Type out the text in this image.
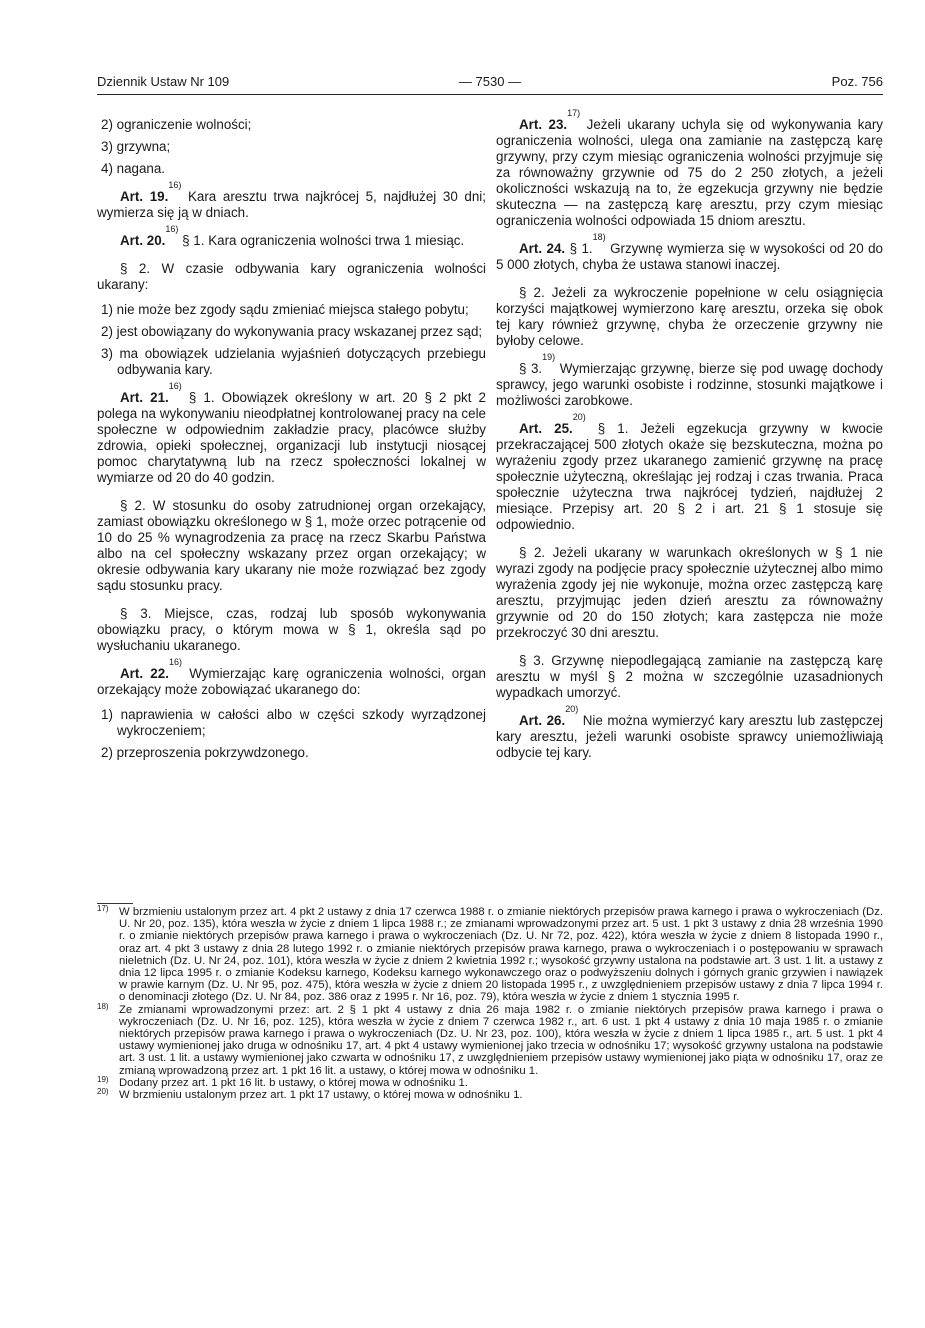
Dziennik Ustaw Nr 109	— 7530 —	Poz. 756

2) ograniczenie wolności;

3) grzywna;

4) nagana.

Art. 19.$^{16)}$ Kara aresztu trwa najkrócej 5, najdłużej 30 dni; wymierza się ją w dniach.

Art. 20.$^{16)}$ § 1. Kara ograniczenia wolności trwa 1 miesiąc.

§ 2. W czasie odbywania kary ograniczenia wolności ukarany:

1) nie może bez zgody sądu zmieniać miejsca stałego pobytu;

2) jest obowiązany do wykonywania pracy wskazanej przez sąd;

3) ma obowiązek udzielania wyjaśnień dotyczących przebiegu odbywania kary.

Art. 21.$^{16)}$ § 1. Obowiązek określony w art. 20 § 2 pkt 2 polega na wykonywaniu nieodpłatnej kontrolowanej pracy na cele społeczne w odpowiednim zakładzie pracy, placówce służby zdrowia, opieki społecznej, organizacji lub instytucji niosącej pomoc charytatywną lub na rzecz społeczności lokalnej w wymiarze od 20 do 40 godzin.

§ 2. W stosunku do osoby zatrudnionej organ orzekający, zamiast obowiązku określonego w § 1, może orzec potrącenie od 10 do 25 % wynagrodzenia za pracę na rzecz Skarbu Państwa albo na cel społeczny wskazany przez organ orzekający; w okresie odbywania kary ukarany nie może rozwiązać bez zgody sądu stosunku pracy.

§ 3. Miejsce, czas, rodzaj lub sposób wykonywania obowiązku pracy, o którym mowa w § 1, określa sąd po wysłuchaniu ukaranego.

Art. 22.$^{16)}$ Wymierzając karę ograniczenia wolności, organ orzekający może zobowiązać ukaranego do:

1) naprawienia w całości albo w części szkody wyrządzonej wykroczeniem;

2) przeproszenia pokrzywdzonego.

Art. 23.$^{17)}$ Jeżeli ukarany uchyla się od wykonywania kary ograniczenia wolności, ulega ona zamianie na zastępczą karę grzywny, przy czym miesiąc ograniczenia wolności przyjmuje się za równoważny grzywnie od 75 do 2 250 złotych, a jeżeli okoliczności wskazują na to, że egzekucja grzywny nie będzie skuteczna — na zastępczą karę aresztu, przy czym miesiąc ograniczenia wolności odpowiada 15 dniom aresztu.

Art. 24. § 1.$^{18)}$ Grzywnę wymierza się w wysokości od 20 do 5 000 złotych, chyba że ustawa stanowi inaczej.

§ 2. Jeżeli za wykroczenie popełnione w celu osiągnięcia korzyści majątkowej wymierzono karę aresztu, orzeka się obok tej kary również grzywnę, chyba że orzeczenie grzywny nie byłoby celowe.

§ 3.$^{19)}$ Wymierzając grzywnę, bierze się pod uwagę dochody sprawcy, jego warunki osobiste i rodzinne, stosunki majątkowe i możliwości zarobkowe.

Art. 25.$^{20)}$ § 1. Jeżeli egzekucja grzywny w kwocie przekraczającej 500 złotych okaże się bezskuteczna, można po wyrażeniu zgody przez ukaranego zamienić grzywnę na pracę społecznie użyteczną, określając jej rodzaj i czas trwania. Praca społecznie użyteczna trwa najkrócej tydzień, najdłużej 2 miesiące. Przepisy art. 20 § 2 i art. 21 § 1 stosuje się odpowiednio.

§ 2. Jeżeli ukarany w warunkach określonych w § 1 nie wyrazi zgody na podjęcie pracy społecznie użytecznej albo mimo wyrażenia zgody jej nie wykonuje, można orzec zastępczą karę aresztu, przyjmując jeden dzień aresztu za równoważny grzywnie od 20 do 150 złotych; kara zastępcza nie może przekroczyć 30 dni aresztu.

§ 3. Grzywnę niepodlegającą zamianie na zastępczą karę aresztu w myśl § 2 można w szczególnie uzasadnionych wypadkach umorzyć.

Art. 26.$^{20)}$ Nie można wymierzyć kary aresztu lub zastępczej kary aresztu, jeżeli warunki osobiste sprawcy uniemożliwiają odbycie tej kary.

17) W brzmieniu ustalonym przez art. 4 pkt 2 ustawy z dnia 17 czerwca 1988 r. o zmianie niektórych przepisów prawa karnego i prawa o wykroczeniach (Dz. U. Nr 20, poz. 135), która weszła w życie z dniem 1 lipca 1988 r.; ze zmianami wprowadzonymi przez art. 5 ust. 1 pkt 3 ustawy z dnia 28 września 1990 r. o zmianie niektórych przepisów prawa karnego i prawa o wykroczeniach (Dz. U. Nr 72, poz. 422), która weszła w życie z dniem 8 listopada 1990 r., oraz art. 4 pkt 3 ustawy z dnia 28 lutego 1992 r. o zmianie niektórych przepisów prawa karnego, prawa o wykroczeniach i o postępowaniu w sprawach nieletnich (Dz. U. Nr 24, poz. 101), która weszła w życie z dniem 2 kwietnia 1992 r.; wysokość grzywny ustalona na podstawie art. 3 ust. 1 lit. a ustawy z dnia 12 lipca 1995 r. o zmianie Kodeksu karnego, Kodeksu karnego wykonawczego oraz o podwyższeniu dolnych i górnych granic grzywien i nawiązek w prawie karnym (Dz. U. Nr 95, poz. 475), która weszła w życie z dniem 20 listopada 1995 r., z uwzględnieniem przepisów ustawy z dnia 7 lipca 1994 r. o denominacji złotego (Dz. U. Nr 84, poz. 386 oraz z 1995 r. Nr 16, poz. 79), która weszła w życie z dniem 1 stycznia 1995 r.

18) Ze zmianami wprowadzonymi przez: art. 2 § 1 pkt 4 ustawy z dnia 26 maja 1982 r. o zmianie niektórych przepisów prawa karnego i prawa o wykroczeniach (Dz. U. Nr 16, poz. 125), która weszła w życie z dniem 7 czerwca 1982 r., art. 6 ust. 1 pkt 4 ustawy z dnia 10 maja 1985 r. o zmianie niektórych przepisów prawa karnego i prawa o wykroczeniach (Dz. U. Nr 23, poz. 100), która weszła w życie z dniem 1 lipca 1985 r., art. 5 ust. 1 pkt 4 ustawy wymienionej jako druga w odnośniku 17, art. 4 pkt 4 ustawy wymienionej jako trzecia w odnośniku 17; wysokość grzywny ustalona na podstawie art. 3 ust. 1 lit. a ustawy wymienionej jako czwarta w odnośniku 17, z uwzględnieniem przepisów ustawy wymienionej jako piąta w odnośniku 17, oraz ze zmianą wprowadzoną przez art. 1 pkt 16 lit. a ustawy, o której mowa w odnośniku 1.

19) Dodany przez art. 1 pkt 16 lit. b ustawy, o której mowa w odnośniku 1.

20) W brzmieniu ustalonym przez art. 1 pkt 17 ustawy, o której mowa w odnośniku 1.
